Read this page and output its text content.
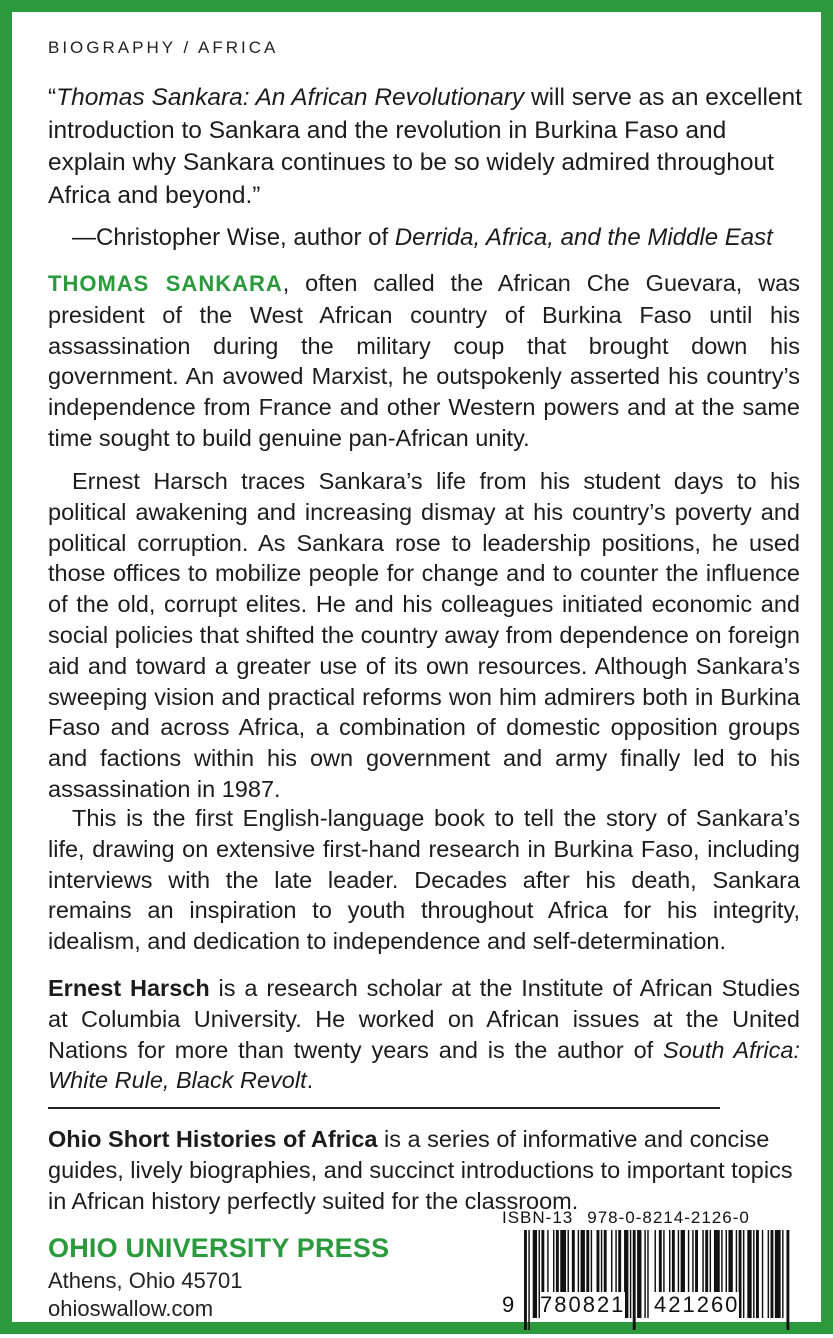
BIOGRAPHY / AFRICA

“Thomas Sankara: An African Revolutionary will serve as an excellent introduction to Sankara and the revolution in Burkina Faso and explain why Sankara continues to be so widely admired throughout Africa and beyond.”

—Christopher Wise, author of Derrida, Africa, and the Middle East

THOMAS SANKARA, often called the African Che Guevara, was president of the West African country of Burkina Faso until his assassination during the military coup that brought down his government. An avowed Marxist, he outspokenly asserted his country’s independence from France and other Western powers and at the same time sought to build genuine pan-African unity.

Ernest Harsch traces Sankara’s life from his student days to his political awakening and increasing dismay at his country’s poverty and political corruption. As Sankara rose to leadership positions, he used those offices to mobilize people for change and to counter the influence of the old, corrupt elites. He and his colleagues initiated economic and social policies that shifted the country away from dependence on foreign aid and toward a greater use of its own resources. Although Sankara’s sweeping vision and practical reforms won him admirers both in Burkina Faso and across Africa, a combination of domestic opposition groups and factions within his own government and army finally led to his assassination in 1987.

This is the first English-language book to tell the story of Sankara’s life, drawing on extensive first-hand research in Burkina Faso, including interviews with the late leader. Decades after his death, Sankara remains an inspiration to youth throughout Africa for his integrity, idealism, and dedication to independence and self-determination.

Ernest Harsch is a research scholar at the Institute of African Studies at Columbia University. He worked on African issues at the United Nations for more than twenty years and is the author of South Africa: White Rule, Black Revolt.

Ohio Short Histories of Africa is a series of informative and concise guides, lively biographies, and succinct introductions to important topics in African history perfectly suited for the classroom.

OHIO UNIVERSITY PRESS
Athens, Ohio 45701
ohioswallow.com
ISBN-13 978-0-8214-2126-0
9 780821 421260
